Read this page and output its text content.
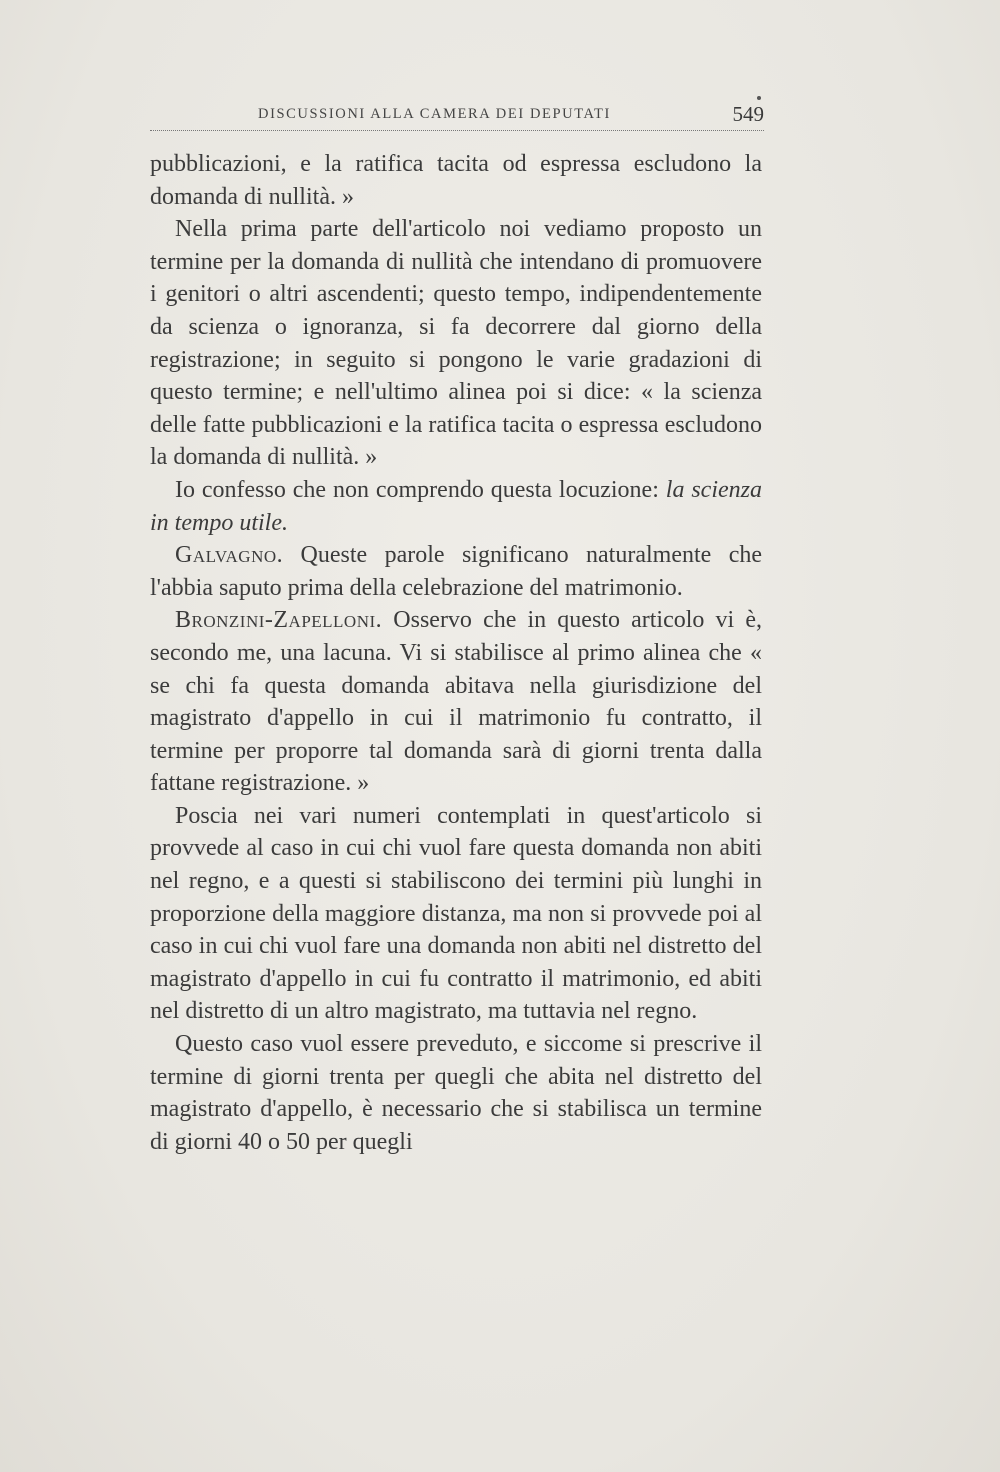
DISCUSSIONI ALLA CAMERA DEI DEPUTATI	549

pubblicazioni, e la ratifica tacita od espressa escludono la domanda di nullità. »

Nella prima parte dell'articolo noi vediamo proposto un termine per la domanda di nullità che intendano di promuovere i genitori o altri ascendenti; questo tempo, indipendentemente da scienza o ignoranza, si fa decorrere dal giorno della registrazione; in seguito si pongono le varie gradazioni di questo termine; e nell'ultimo alinea poi si dice: « la scienza delle fatte pubblicazioni e la ratifica tacita o espressa escludono la domanda di nullità. »

Io confesso che non comprendo questa locuzione: la scienza in tempo utile.

Galvagno. Queste parole significano naturalmente che l'abbia saputo prima della celebrazione del matrimonio.

Bronzini-Zapelloni. Osservo che in questo articolo vi è, secondo me, una lacuna. Vi si stabilisce al primo alinea che « se chi fa questa domanda abitava nella giurisdizione del magistrato d'appello in cui il matrimonio fu contratto, il termine per proporre tal domanda sarà di giorni trenta dalla fattane registrazione. »

Poscia nei vari numeri contemplati in quest'articolo si provvede al caso in cui chi vuol fare questa domanda non abiti nel regno, e a questi si stabiliscono dei termini più lunghi in proporzione della maggiore distanza, ma non si provvede poi al caso in cui chi vuol fare una domanda non abiti nel distretto del magistrato d'appello in cui fu contratto il matrimonio, ed abiti nel distretto di un altro magistrato, ma tuttavia nel regno.

Questo caso vuol essere preveduto, e siccome si prescrive il termine di giorni trenta per quegli che abita nel distretto del magistrato d'appello, è necessario che si stabilisca un termine di giorni 40 o 50 per quegli
